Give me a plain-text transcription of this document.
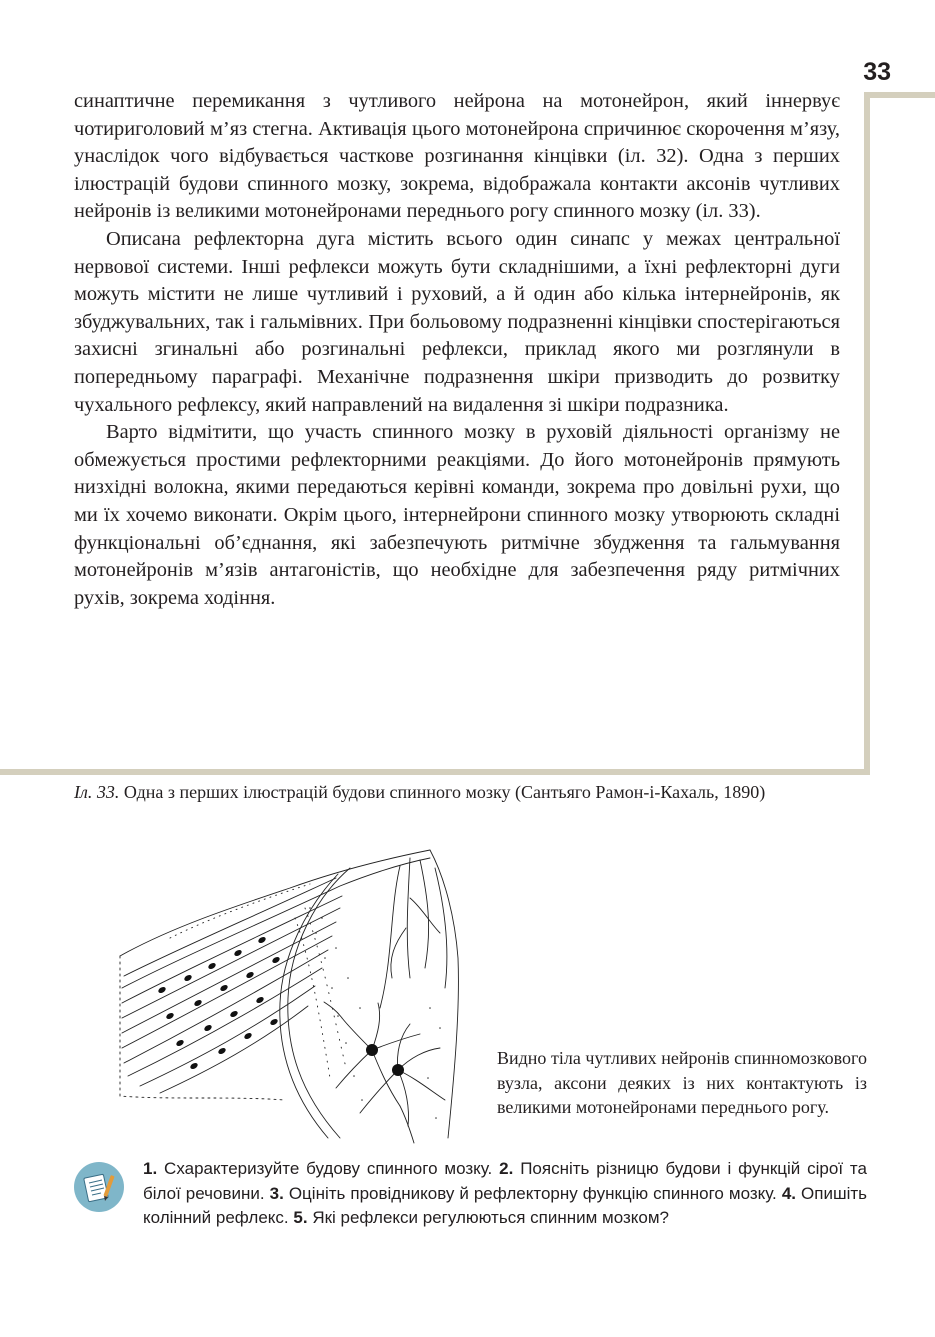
33

синаптичне перемикання з чутливого нейрона на мотонейрон, який іннервує чотириголовий м’яз стегна. Активація цього мотонейрона спричинює скорочення м’язу, унаслідок чого відбувається часткове розгинання кінцівки (іл. 32). Одна з перших ілюстрацій будови спинного мозку, зокрема, відображала контакти аксонів чутливих нейронів із великими мотонейронами переднього рогу спинного мозку (іл. 33).

Описана рефлекторна дуга містить всього один синапс у межах центральної нервової системи. Інші рефлекси можуть бути складнішими, а їхні рефлекторні дуги можуть містити не лише чутливий і руховий, а й один або кілька інтернейронів, як збуджувальних, так і гальмівних. При больовому подразненні кінцівки спостерігаються захисні згинальні або розгинальні рефлекси, приклад якого ми розглянули в попередньому параграфі. Механічне подразнення шкіри призводить до розвитку чухального рефлексу, який направлений на видалення зі шкіри подразника.

Варто відмітити, що участь спинного мозку в руховій діяльності організму не обмежується простими рефлекторними реакціями. До його мотонейронів прямують низхідні волокна, якими передаються керівні команди, зокрема про довільні рухи, що ми їх хочемо виконати. Окрім цього, інтернейрони спинного мозку утворюють складні функціональні об’єднання, які забезпечують ритмічне збудження та гальмування мотонейронів м’язів антагоністів, що необхідне для забезпечення ряду ритмічних рухів, зокрема ходіння.

Іл. 33. Одна з перших ілюстрацій будови спинного мозку (Сантьяго Рамон-і-Кахаль, 1890)
Видно тіла чутливих нейронів спинномозкового вузла, аксони деяких із них контактують із великими мотонейронами переднього рогу.
1. Схарактеризуйте будову спинного мозку. 2. Поясніть різницю будови і функцій сірої та білої речовини. 3. Оцініть провідникову й рефлекторну функцію спинного мозку. 4. Опишіть колінний рефлекс. 5. Які рефлекси регулюються спинним мозком?
